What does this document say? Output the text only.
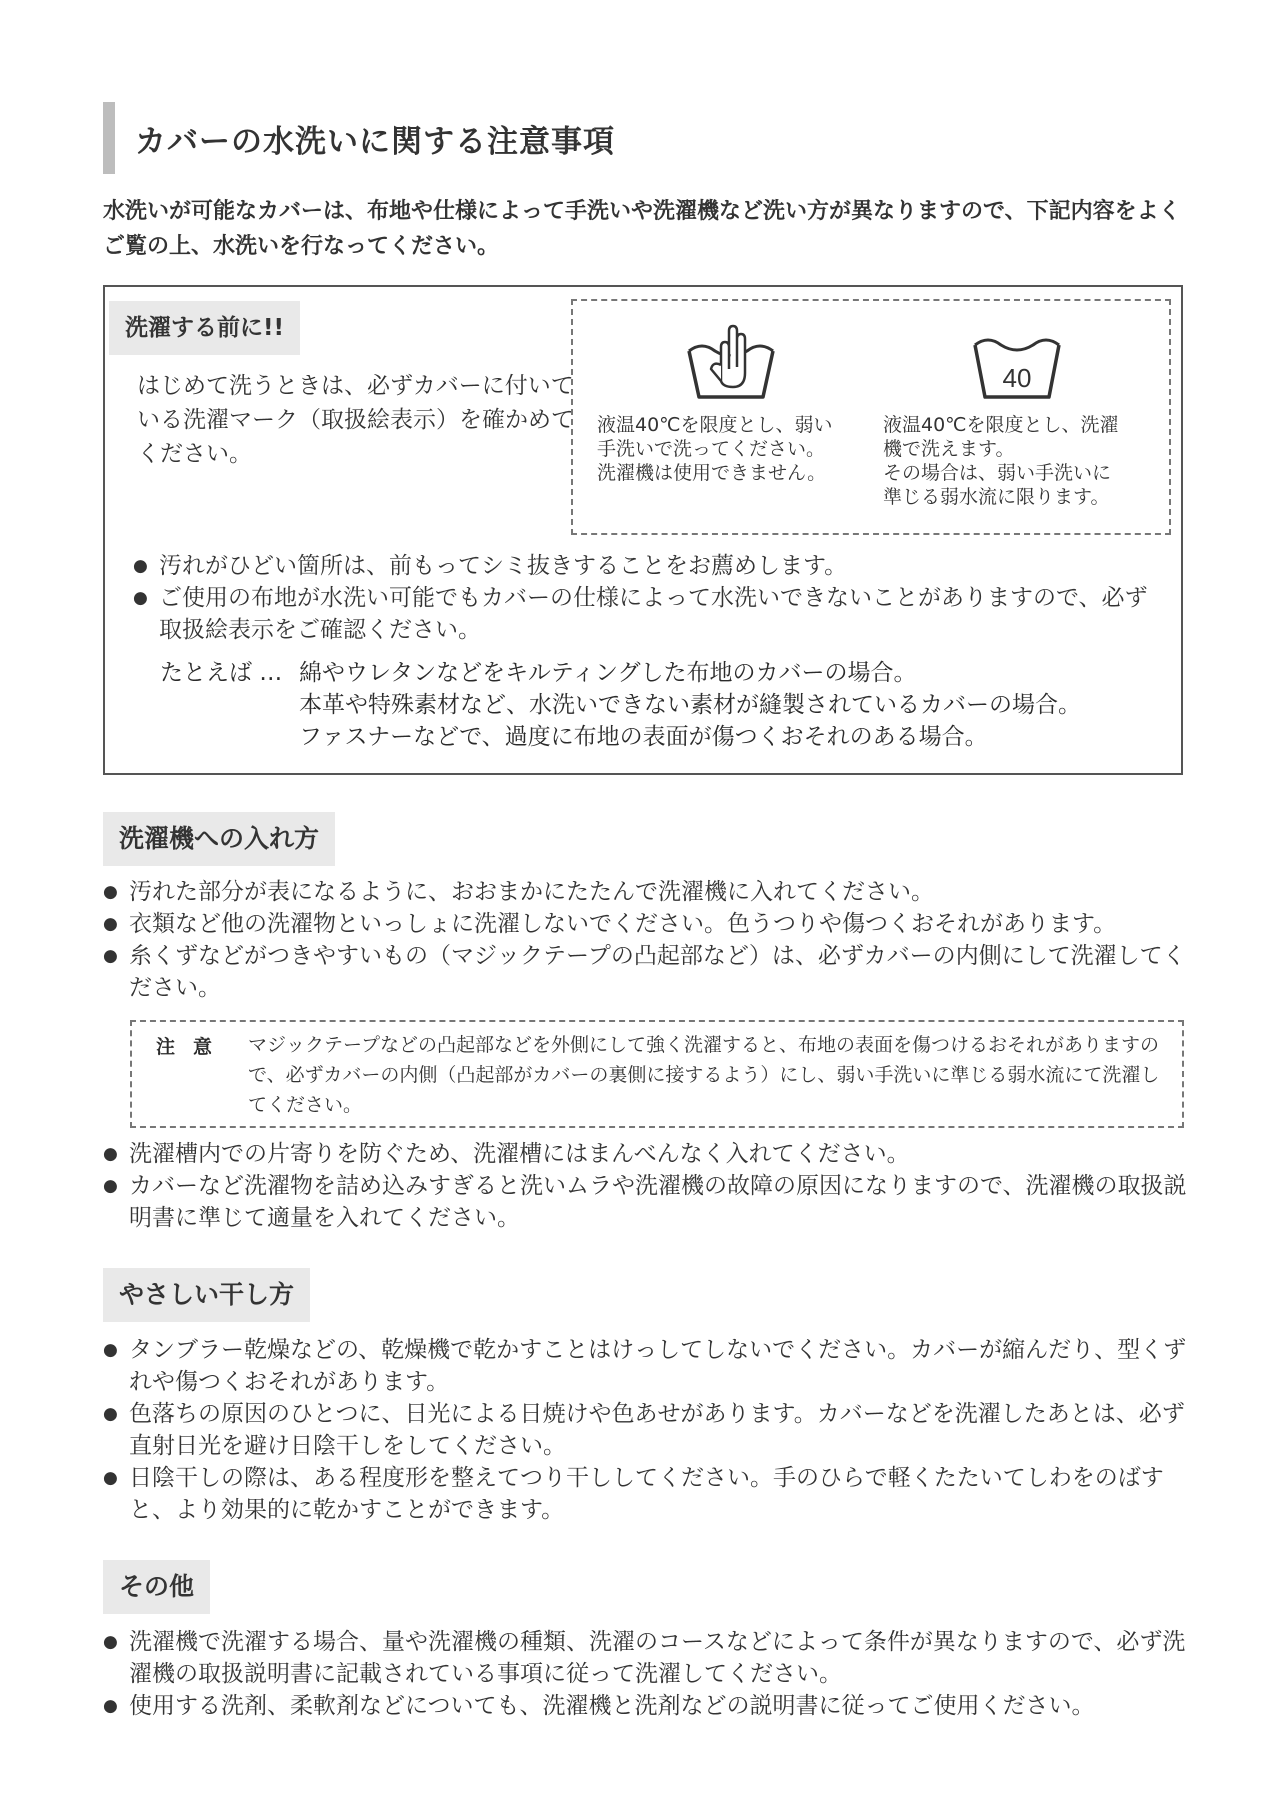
カバーの水洗いに関する注意事項
水洗いが可能なカバーは、布地や仕様によって手洗いや洗濯機など洗い方が異なりますので、下記内容をよくご覧の上、水洗いを行なってください。
洗濯する前に!!
はじめて洗うときは、必ずカバーに付いている洗濯マーク（取扱絵表示）を確かめてください。
40
液温40℃を限度とし、弱い
手洗いで洗ってください。
洗濯機は使用できません。
液温40℃を限度とし、洗濯
機で洗えます。
その場合は、弱い手洗いに
準じる弱水流に限ります。
● 汚れがひどい箇所は、前もってシミ抜きすることをお薦めします。
● ご使用の布地が水洗い可能でもカバーの仕様によって水洗いできないことがありますので、必ず取扱絵表示をご確認ください。
たとえば … 綿やウレタンなどをキルティングした布地のカバーの場合。
本革や特殊素材など、水洗いできない素材が縫製されているカバーの場合。
ファスナーなどで、過度に布地の表面が傷つくおそれのある場合。
洗濯機への入れ方
● 汚れた部分が表になるように、おおまかにたたんで洗濯機に入れてください。
● 衣類など他の洗濯物といっしょに洗濯しないでください。色うつりや傷つくおそれがあります。
● 糸くずなどがつきやすいもの（マジックテープの凸起部など）は、必ずカバーの内側にして洗濯してください。
注意 マジックテープなどの凸起部などを外側にして強く洗濯すると、布地の表面を傷つけるおそれがありますので、必ずカバーの内側（凸起部がカバーの裏側に接するよう）にし、弱い手洗いに準じる弱水流にて洗濯してください。
● 洗濯槽内での片寄りを防ぐため、洗濯槽にはまんべんなく入れてください。
● カバーなど洗濯物を詰め込みすぎると洗いムラや洗濯機の故障の原因になりますので、洗濯機の取扱説明書に準じて適量を入れてください。
やさしい干し方
● タンブラー乾燥などの、乾燥機で乾かすことはけっしてしないでください。カバーが縮んだり、型くずれや傷つくおそれがあります。
● 色落ちの原因のひとつに、日光による日焼けや色あせがあります。カバーなどを洗濯したあとは、必ず直射日光を避け日陰干しをしてください。
● 日陰干しの際は、ある程度形を整えてつり干ししてください。手のひらで軽くたたいてしわをのばすと、より効果的に乾かすことができます。
その他
● 洗濯機で洗濯する場合、量や洗濯機の種類、洗濯のコースなどによって条件が異なりますので、必ず洗濯機の取扱説明書に記載されている事項に従って洗濯してください。
● 使用する洗剤、柔軟剤などについても、洗濯機と洗剤などの説明書に従ってご使用ください。
